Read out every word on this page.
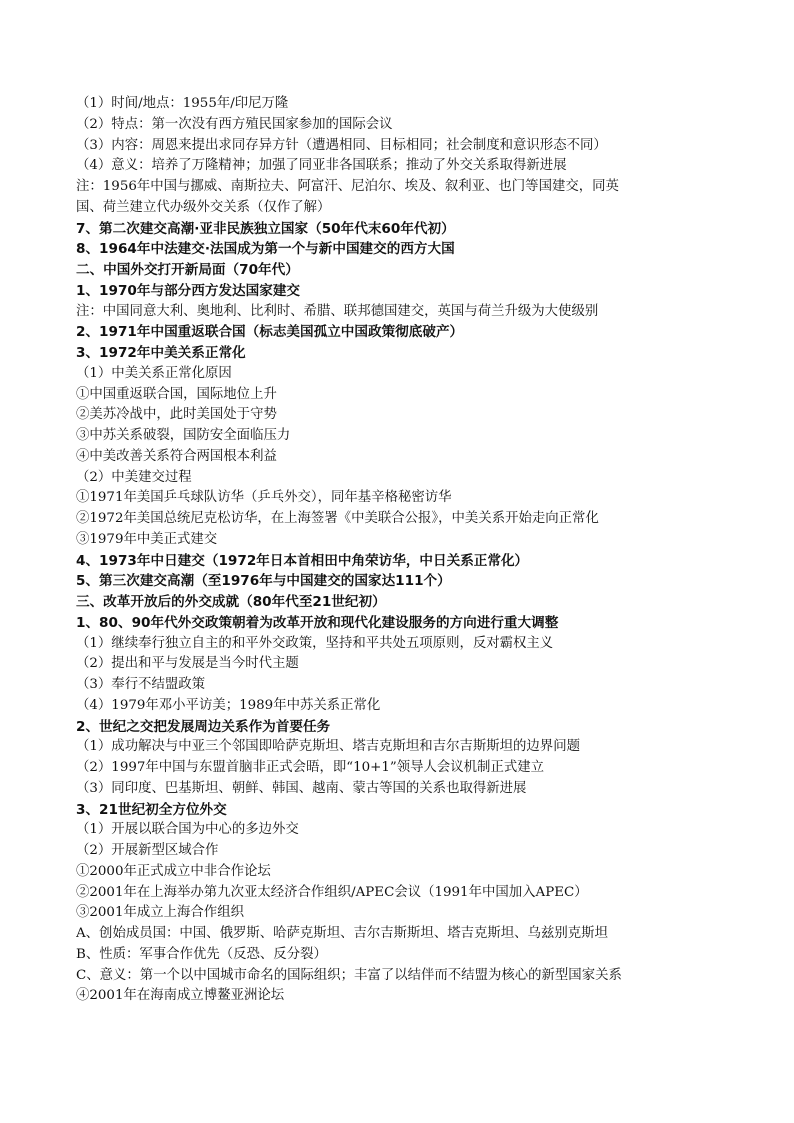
（1）时间/地点：1955年/印尼万隆
（2）特点：第一次没有西方殖民国家参加的国际会议
（3）内容：周恩来提出求同存异方针（遭遇相同、目标相同；社会制度和意识形态不同）
（4）意义：培养了万隆精神；加强了同亚非各国联系；推动了外交关系取得新进展
注：1956年中国与挪威、南斯拉夫、阿富汗、尼泊尔、埃及、叙利亚、也门等国建交，同英
国、荷兰建立代办级外交关系（仅作了解）
7、第二次建交高潮·亚非民族独立国家（50年代末60年代初）
8、1964年中法建交·法国成为第一个与新中国建交的西方大国
二、中国外交打开新局面（70年代）
1、1970年与部分西方发达国家建交
注：中国同意大利、奥地利、比利时、希腊、联邦德国建交，英国与荷兰升级为大使级别
2、1971年中国重返联合国（标志美国孤立中国政策彻底破产）
3、1972年中美关系正常化
（1）中美关系正常化原因
①中国重返联合国，国际地位上升
②美苏冷战中，此时美国处于守势
③中苏关系破裂，国防安全面临压力
④中美改善关系符合两国根本利益
（2）中美建交过程
①1971年美国乒乓球队访华（乒乓外交），同年基辛格秘密访华
②1972年美国总统尼克松访华，在上海签署《中美联合公报》，中美关系开始走向正常化
③1979年中美正式建交
4、1973年中日建交（1972年日本首相田中角荣访华，中日关系正常化）
5、第三次建交高潮（至1976年与中国建交的国家达111个）
三、改革开放后的外交成就（80年代至21世纪初）
1、80、90年代外交政策朝着为改革开放和现代化建设服务的方向进行重大调整
（1）继续奉行独立自主的和平外交政策，坚持和平共处五项原则，反对霸权主义
（2）提出和平与发展是当今时代主题
（3）奉行不结盟政策
（4）1979年邓小平访美；1989年中苏关系正常化
2、世纪之交把发展周边关系作为首要任务
（1）成功解决与中亚三个邻国即哈萨克斯坦、塔吉克斯坦和吉尔吉斯斯坦的边界问题
（2）1997年中国与东盟首脑非正式会晤，即“10+1”领导人会议机制正式建立
（3）同印度、巴基斯坦、朝鲜、韩国、越南、蒙古等国的关系也取得新进展
3、21世纪初全方位外交
（1）开展以联合国为中心的多边外交
（2）开展新型区域合作
①2000年正式成立中非合作论坛
②2001年在上海举办第九次亚太经济合作组织/APEC会议（1991年中国加入APEC）
③2001年成立上海合作组织
A、创始成员国：中国、俄罗斯、哈萨克斯坦、吉尔吉斯斯坦、塔吉克斯坦、乌兹别克斯坦
B、性质：军事合作优先（反恐、反分裂）
C、意义：第一个以中国城市命名的国际组织；丰富了以结伴而不结盟为核心的新型国家关系
④2001年在海南成立博鳌亚洲论坛
